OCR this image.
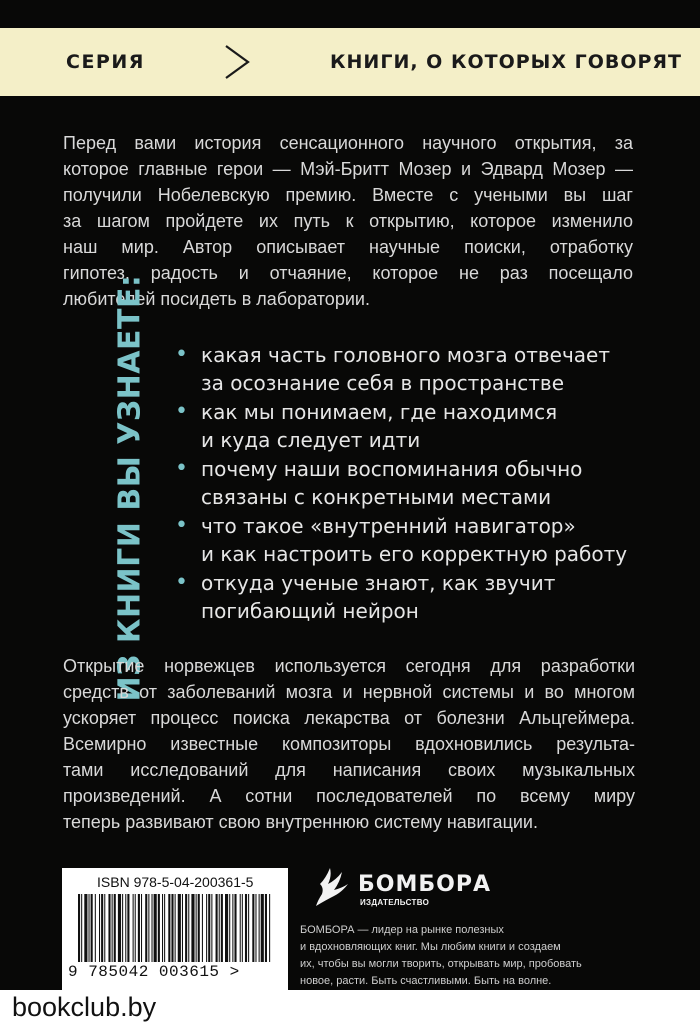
СЕРИЯ	КНИГИ, О КОТОРЫХ ГОВОРЯТ
Перед вами история сенсационного научного открытия, за
которое главные герои — Мэй-Бритт Мозер и Эдвард Мозер —
получили Нобелевскую премию. Вместе с учеными вы шаг
за шагом пройдете их путь к открытию, которое изменило
наш мир. Автор описывает научные поиски, отработку
гипотез, радость и отчаяние, которое не раз посещало
любителей посидеть в лаборатории.
ИЗ КНИГИ ВЫ УЗНАЕТЕ: • какая часть головного мозга отвечает
за осознание себя в пространстве
• как мы понимаем, где находимся
и куда следует идти
• почему наши воспоминания обычно
связаны с конкретными местами
• что такое «внутренний навигатор»
и как настроить его корректную работу
• откуда ученые знают, как звучит
погибающий нейрон
Открытие норвежцев используется сегодня для разработки
средств от заболеваний мозга и нервной системы и во многом
ускоряет процесс поиска лекарства от болезни Альцгеймера.
Всемирно известные композиторы вдохновились результа-
тами исследований для написания своих музыкальных
произведений. А сотни последователей по всему миру
теперь развивают свою внутреннюю систему навигации.
ISBN 978-5-04-200361-5
9 785042 003615 >
БОМБОРА
ИЗДАТЕЛЬСТВО
БОМБОРА — лидер на рынке полезных
и вдохновляющих книг. Мы любим книги и создаем
их, чтобы вы могли творить, открывать мир, пробовать
новое, расти. Быть счастливыми. Быть на волне.
bookclub.by
